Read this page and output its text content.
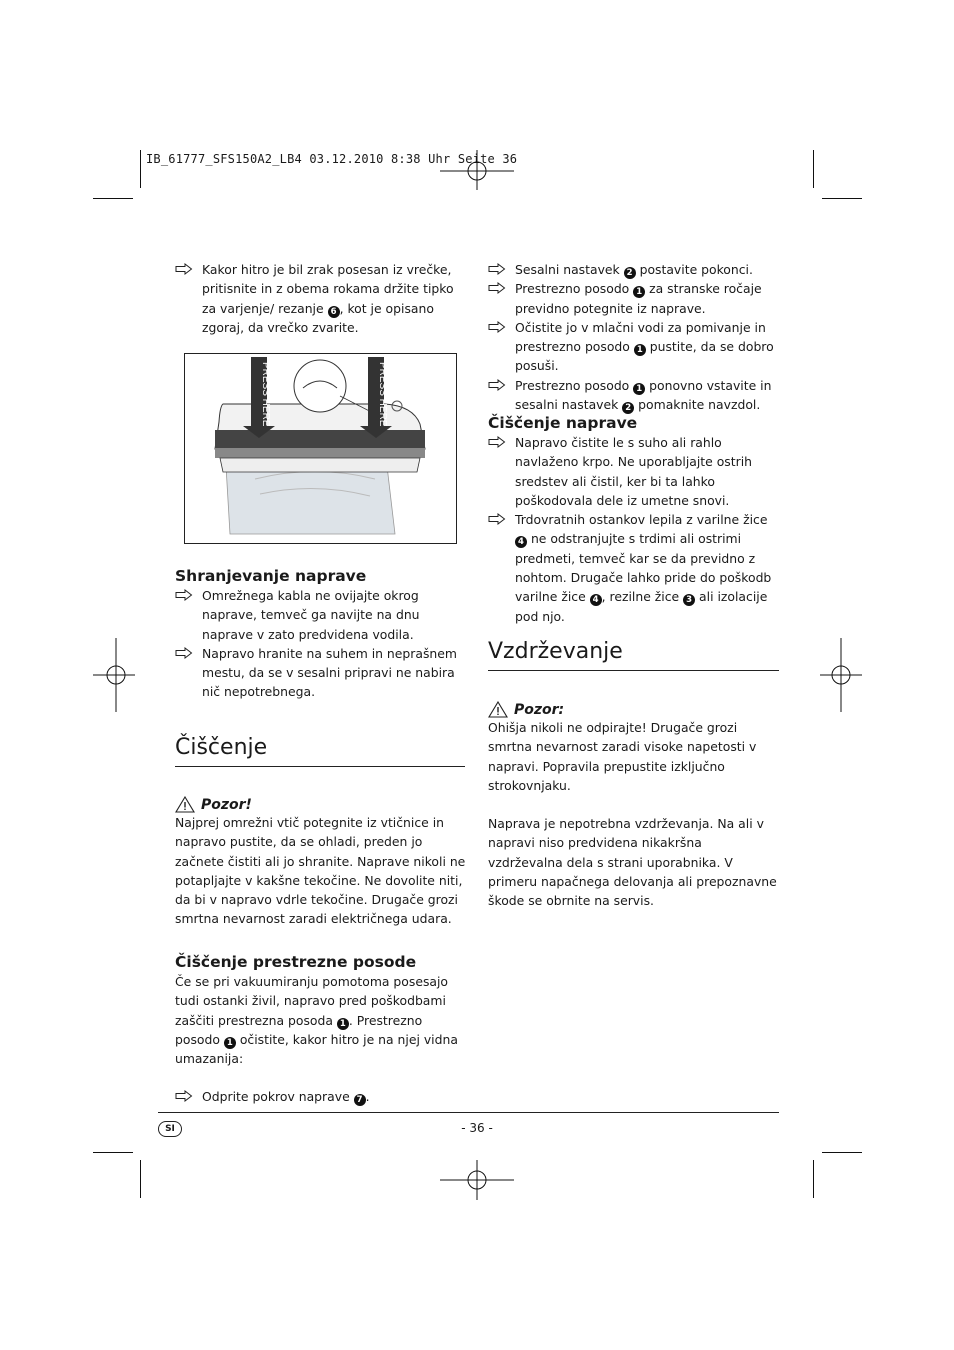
IB_61777_SFS150A2_LB4 03.12.2010 8:38 Uhr Seite 36

Kakor hitro je bil zrak posesan iz vrečke, pritisnite in z obema rokama držite tipko za varjenje/ rezanje 6 , kot je opisano zgoraj, da vrečko zvarite.

PRESS HERE	PRESS HERE
Shranjevanje naprave

Omrežnega kabla ne ovijajte okrog naprave, temveč ga navijte na dnu naprave v zato predvidena vodila.

Napravo hranite na suhem in neprašnem mestu, da se v sesalni pripravi ne nabira nič nepotrebnega.

Čiščenje
Pozor!

Najprej omrežni vtič potegnite iz vtičnice in napravo pustite, da se ohladi, preden jo začnete čistiti ali jo shranite. Naprave nikoli ne potapljajte v kakšne tekočine. Ne dovolite niti, da bi v napravo vdrle tekočine. Drugače grozi smrtna nevarnost zaradi električnega udara.

Čiščenje prestrezne posode

Če se pri vakuumiranju pomotoma posesajo tudi ostanki živil, napravo pred poškodbami zaščiti prestrezna posoda 1 . Prestrezno posodo 1 očistite, kakor hitro je na njej vidna umazanija:

Odprite pokrov naprave 7 .

Sesalni nastavek 2 postavite pokonci.

Prestrezno posodo 1 za stranske ročaje previdno potegnite iz naprave.

Očistite jo v mlačni vodi za pomivanje in prestrezno posodo 1 pustite, da se dobro posuši.

Prestrezno posodo 1 ponovno vstavite in sesalni nastavek 2 pomaknite navzdol.

Čiščenje naprave

Napravo čistite le s suho ali rahlo navlaženo krpo. Ne uporabljajte ostrih sredstev ali čistil, ker bi ta lahko poškodovala dele iz umetne snovi.

Trdovratnih ostankov lepila z varilne žice 4 ne odstranjujte s trdimi ali ostrimi predmeti, temveč kar se da previdno z nohtom. Drugače lahko pride do poškodb varilne žice 4 , rezilne žice 3 ali izolacije pod njo.

Vzdrževanje
Pozor:

Ohišja nikoli ne odpirajte! Drugače grozi smrtna nevarnost zaradi visoke napetosti v napravi. Popravila prepustite izključno strokovnjaku.

Naprava je nepotrebna vzdrževanja. Na ali v napravi niso predvidena nikakršna vzdrževalna dela s strani uporabnika. V primeru napačnega delovanja ali prepoznavne škode se obrnite na servis.

SI	- 36 -
